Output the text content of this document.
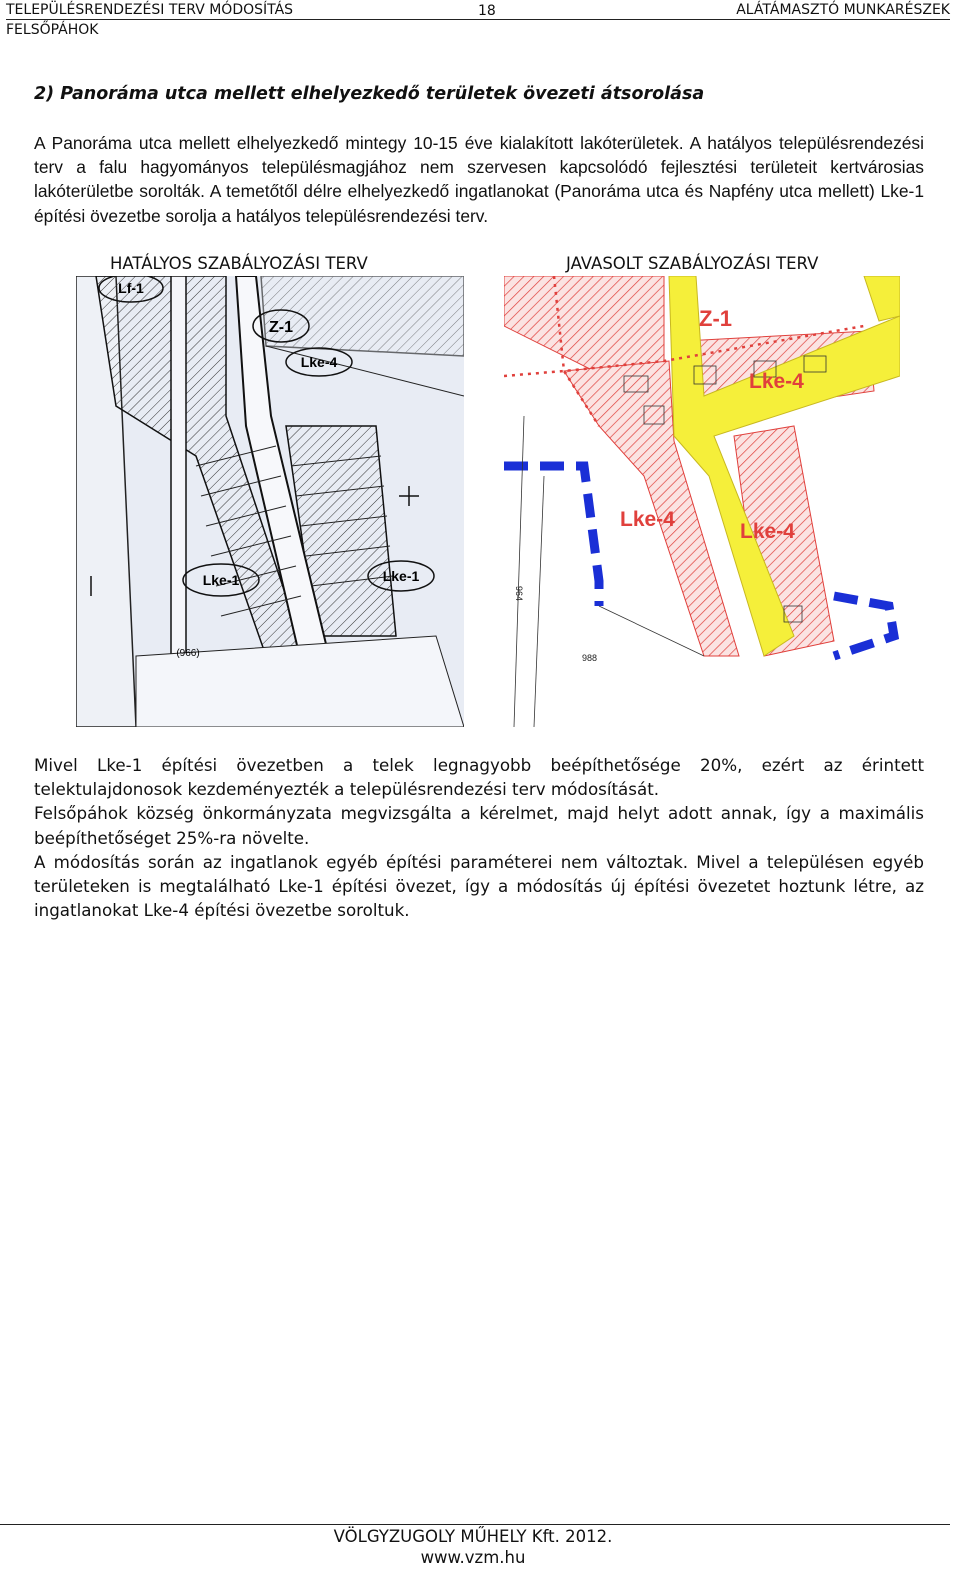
TELEPÜLÉSRENDEZÉSI TERV MÓDOSÍTÁS	18	ALÁTÁMASZTÓ MUNKARÉSZEK
FELSŐPÁHOK
2) Panoráma utca mellett elhelyezkedő területek övezeti átsorolása
A Panoráma utca mellett elhelyezkedő mintegy 10-15 éve kialakított lakóterületek. A hatályos településrendezési terv a falu hagyományos településmagjához nem szervesen kapcsolódó fejlesztési területeit kertvárosias lakóterületbe sorolták. A temetőtől délre elhelyezkedő ingatlanokat (Panoráma utca és Napfény utca mellett) Lke-1 építési övezetbe sorolja a hatályos településrendezési terv.
HATÁLYOS SZABÁLYOZÁSI TERV	JAVASOLT SZABÁLYOZÁSI TERV
Lf-1
Z-1
Lke-4
Lke-1	Lke-1
(966)
Z-1
Lke-4
Lke-4
Lke-4
988
964

Mivel Lke-1 építési övezetben a telek legnagyobb beépíthetősége 20%, ezért az érintett telektulajdonosok kezdeményezték a településrendezési terv módosítását.

Felsőpáhok község önkormányzata megvizsgálta a kérelmet, majd helyt adott annak, így a maximális beépíthetőséget 25%-ra növelte.

A módosítás során az ingatlanok egyéb építési paraméterei nem változtak. Mivel a településen egyéb területeken is megtalálható Lke-1 építési övezet, így a módosítás új építési övezetet hoztunk létre, az ingatlanokat Lke-4 építési övezetbe soroltuk.

VÖLGYZUGOLY MŰHELY Kft. 2012.
www.vzm.hu
